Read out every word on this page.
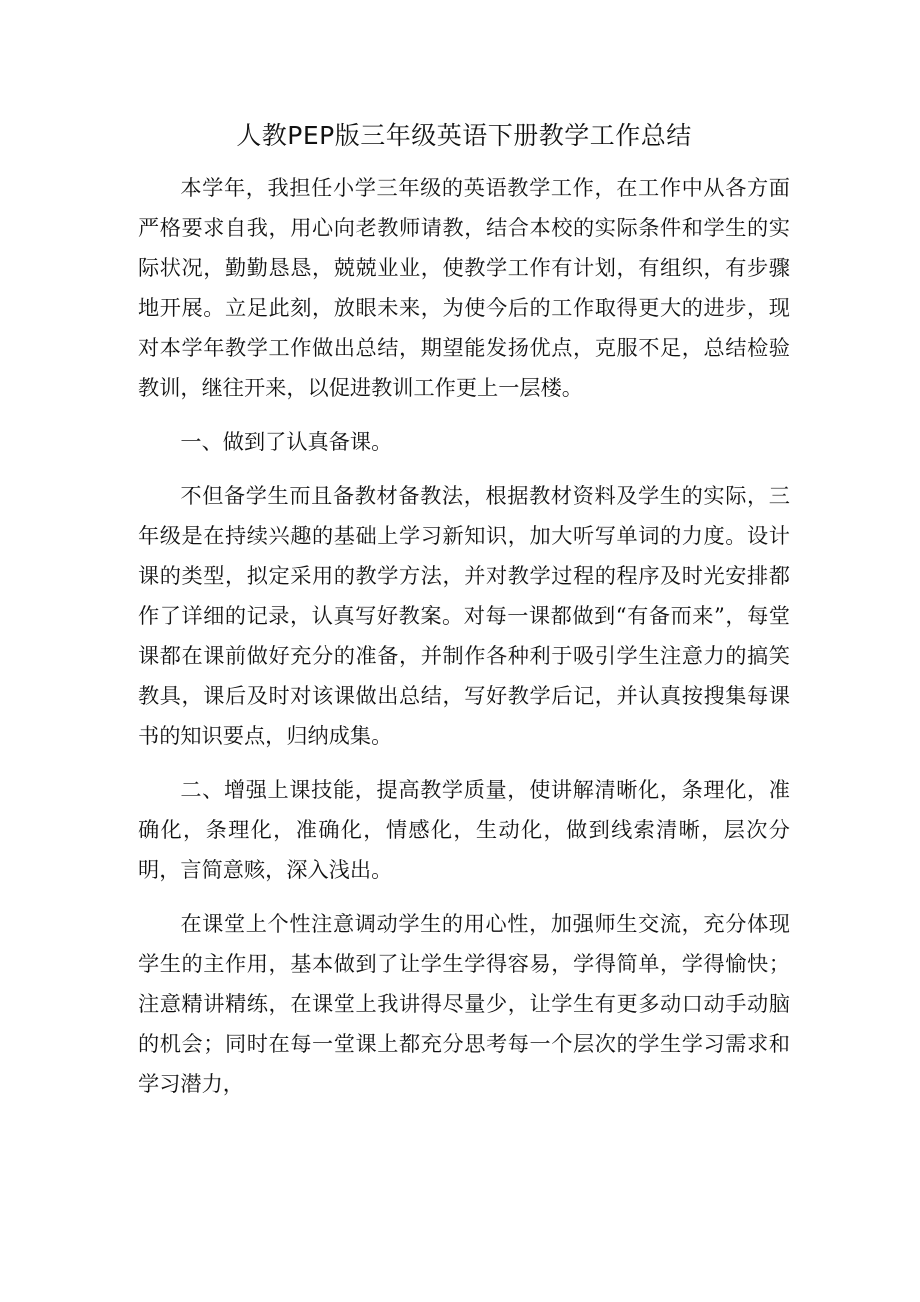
人教PEP版三年级英语下册教学工作总结

本学年，我担任小学三年级的英语教学工作，在工作中从各方面严格要求自我，用心向老教师请教，结合本校的实际条件和学生的实际状况，勤勤恳恳，兢兢业业，使教学工作有计划，有组织，有步骤地开展。立足此刻，放眼未来，为使今后的工作取得更大的进步，现对本学年教学工作做出总结，期望能发扬优点，克服不足，总结检验教训，继往开来，以促进教训工作更上一层楼。

一、做到了认真备课。

不但备学生而且备教材备教法，根据教材资料及学生的实际，三年级是在持续兴趣的基础上学习新知识，加大听写单词的力度。设计课的类型，拟定采用的教学方法，并对教学过程的程序及时光安排都作了详细的记录，认真写好教案。对每一课都做到“有备而来”，每堂课都在课前做好充分的准备，并制作各种利于吸引学生注意力的搞笑教具，课后及时对该课做出总结，写好教学后记，并认真按搜集每课书的知识要点，归纳成集。

二、增强上课技能，提高教学质量，使讲解清晰化，条理化，准确化，条理化，准确化，情感化，生动化，做到线索清晰，层次分明，言简意赅，深入浅出。

在课堂上个性注意调动学生的用心性，加强师生交流，充分体现学生的主作用，基本做到了让学生学得容易，学得简单，学得愉快；注意精讲精练，在课堂上我讲得尽量少，让学生有更多动口动手动脑的机会；同时在每一堂课上都充分思考每一个层次的学生学习需求和学习潜力，
